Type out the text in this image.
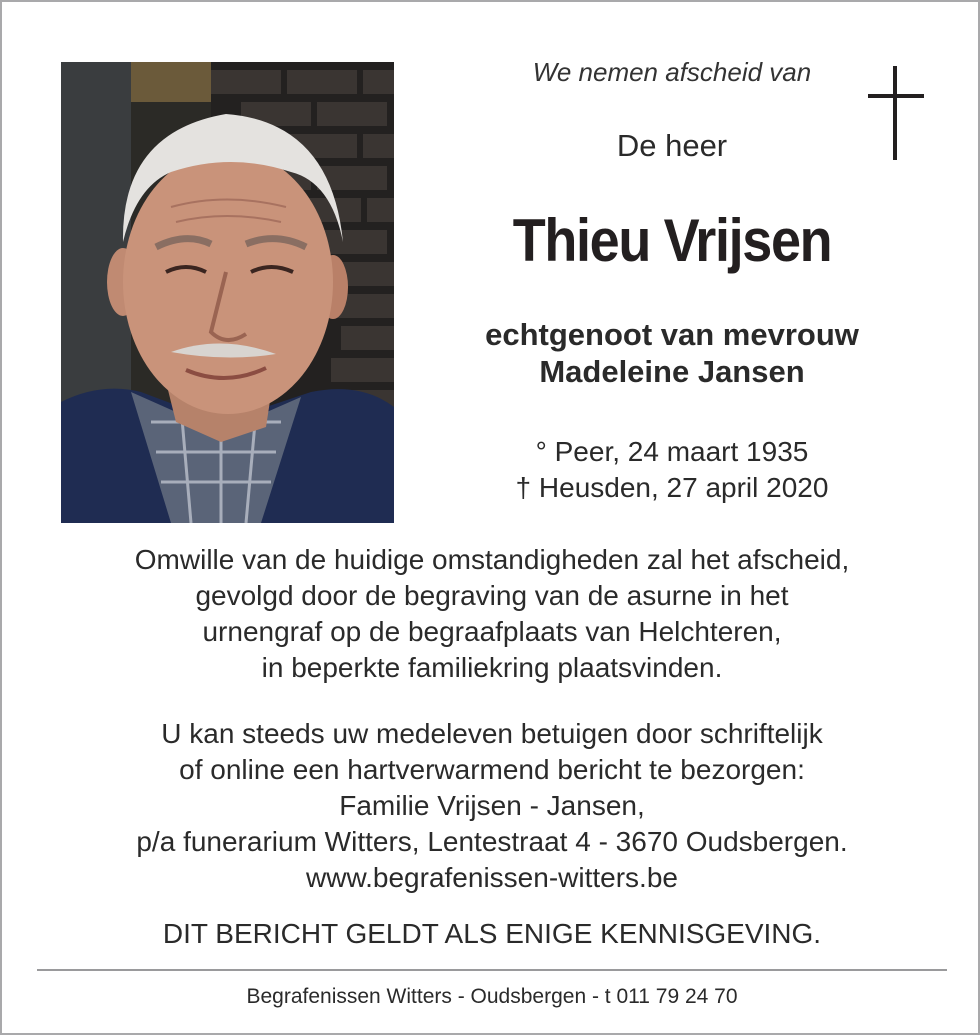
We nemen afscheid van
De heer
Thieu Vrijsen
echtgenoot van mevrouw
Madeleine Jansen
° Peer, 24 maart 1935
† Heusden, 27 april 2020
Omwille van de huidige omstandigheden zal het afscheid,
gevolgd door de begraving van de asurne in het
urnengraf op de begraafplaats van Helchteren,
in beperkte familiekring plaatsvinden.
U kan steeds uw medeleven betuigen door schriftelijk
of online een hartverwarmend bericht te bezorgen:
Familie Vrijsen - Jansen,
p/a funerarium Witters, Lentestraat 4 - 3670 Oudsbergen.
www.begrafenissen-witters.be
DIT BERICHT GELDT ALS ENIGE KENNISGEVING.
Begrafenissen Witters - Oudsbergen - t 011 79 24 70
